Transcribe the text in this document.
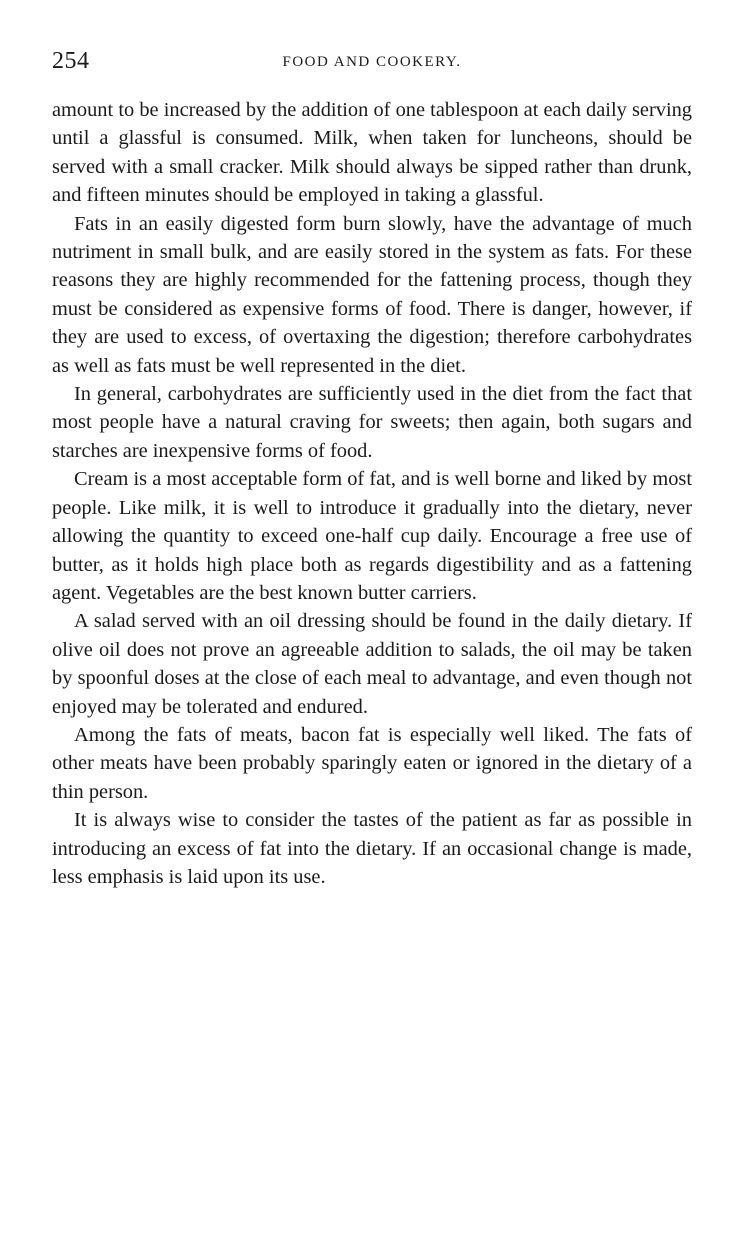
254	FOOD AND COOKERY.

amount to be increased by the addition of one tablespoon at each daily serving until a glassful is consumed. Milk, when taken for luncheons, should be served with a small cracker. Milk should always be sipped rather than drunk, and fifteen minutes should be employed in taking a glassful.

Fats in an easily digested form burn slowly, have the advantage of much nutriment in small bulk, and are easily stored in the system as fats. For these reasons they are highly recommended for the fattening process, though they must be considered as expensive forms of food. There is danger, however, if they are used to excess, of overtaxing the digestion; therefore carbohydrates as well as fats must be well represented in the diet.

In general, carbohydrates are sufficiently used in the diet from the fact that most people have a natural craving for sweets; then again, both sugars and starches are inexpensive forms of food.

Cream is a most acceptable form of fat, and is well borne and liked by most people. Like milk, it is well to introduce it gradually into the dietary, never allowing the quantity to exceed one-half cup daily. Encourage a free use of butter, as it holds high place both as regards digestibility and as a fattening agent. Vegetables are the best known butter carriers.

A salad served with an oil dressing should be found in the daily dietary. If olive oil does not prove an agreeable addition to salads, the oil may be taken by spoonful doses at the close of each meal to advantage, and even though not enjoyed may be tolerated and endured.

Among the fats of meats, bacon fat is especially well liked. The fats of other meats have been probably sparingly eaten or ignored in the dietary of a thin person.

It is always wise to consider the tastes of the patient as far as possible in introducing an excess of fat into the dietary. If an occasional change is made, less emphasis is laid upon its use.
